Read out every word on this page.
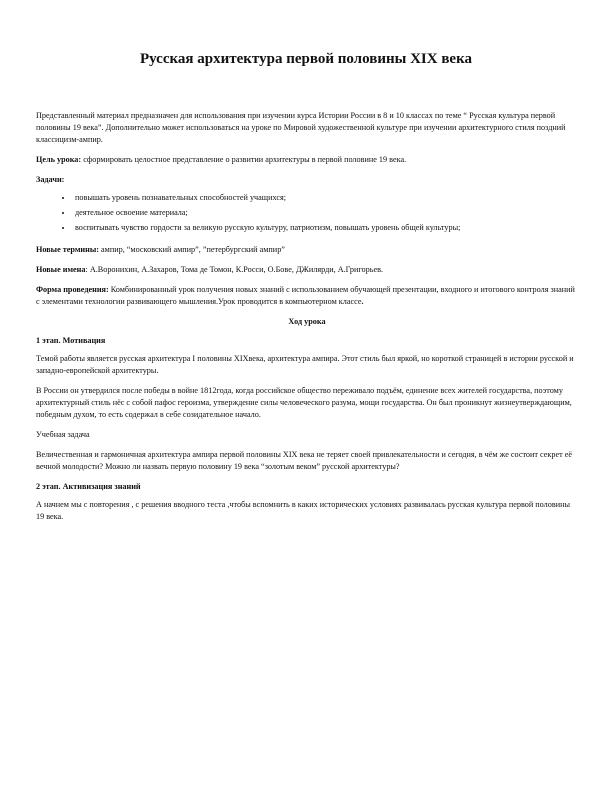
Русская архитектура первой половины XIX века

Представленный материал предназначен для использования при изучении курса Истории России в 8 и 10 классах по теме “ Русская культура первой половины 19 века”. Дополнительно может использоваться на уроке по Мировой художественной культуре при изучении архитектурного стиля поздний классицизм-ампир.

Цель урока: сформировать целостное представление о развитии архитектуры в первой половине 19 века.

Задачи:

• повышать уровень познавательных способностей учащихся;
• деятельное освоение материала;
• воспитывать чувство гордости за великую русскую культуру, патриотизм, повышать уровень общей культуры;

Новые термины: ампир, “московский ампир”, ”петербургский ампир”

Новые имена: А.Воронихин, А.Захаров, Тома де Томон, К.Росси, О.Бове, ДЖилярди, А.Григорьев.

Форма проведения: Комбинированный урок получения новых знаний с использованием обучающей презентации, входного и итогового контроля знаний с элементами технологии развивающего мышления.Урок проводится в компьютерном классе.

Ход урока

1 этап. Мотивация

Темой работы является русская архитектура I половины XIXвека, архитектура ампира. Этот стиль был яркой, но короткой страницей в истории русской и западно-европейской архитектуры.

В России он утвердился после победы в войне 1812года, когда российское общество переживало подъём, единение всех жителей государства, поэтому архитектурный стиль нёс с собой пафос героизма, утверждение силы человеческого разума, мощи государства. Он был проникнут жизнеутверждающим, победным духом, то есть содержал в себе созидательное начало.

Учебная задача

Величественная и гармоничная архитектура ампира первой половины XIX века не теряет своей привлекательности и сегодня, в чём же состоит секрет её вечной молодости? Можно ли назвать первую половину 19 века “золотым веком” русской архитектуры?

2 этап. Активизация знаний

А начнем мы с повторения , с решения вводного теста ,чтобы вспомнить в каких исторических условиях развивалась русская культура первой половины 19 века.
